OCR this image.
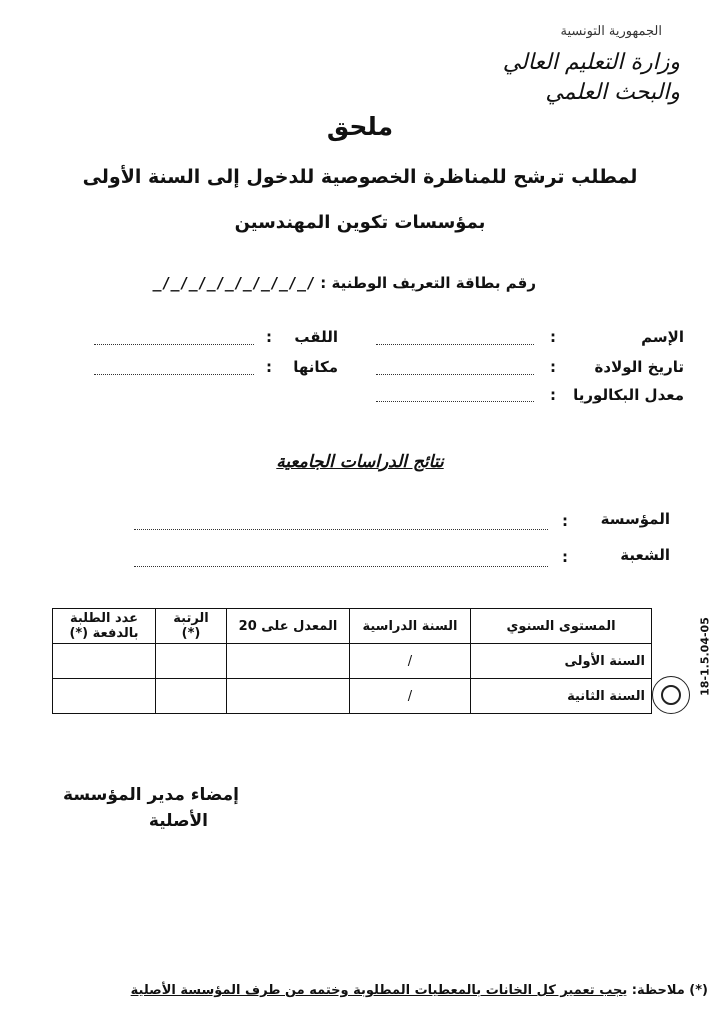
الجمهورية التونسية
وزارة التعليم العالي
والبحث العلمي
ملحق
لمطلب ترشح للمناظرة الخصوصية للدخول إلى السنة الأولى
بمؤسسات تكوين المهندسين
رقم بطاقة التعريف الوطنية : _/_/_/_/_/_/_/_/_/
الإسم
:
تاريخ الولادة
:
معدل البكالوريا
:
اللقب
:
مكانها
:
نتائج الدراسات الجامعية
المؤسسة
:
الشعبة
:
المستوى السنوي	السنة الدراسية	المعدل على 20	الرتبة (*)	عدد الطلبة بالدفعة (*)
السنة الأولى	/			
السنة الثانية	/			
18-1.5.04-05
إمضاء مدير المؤسسة
الأصلية
(*) ملاحظة: يجب تعمير كل الخانات بالمعطيات المطلوبة وختمه من طرف المؤسسة الأصلية
